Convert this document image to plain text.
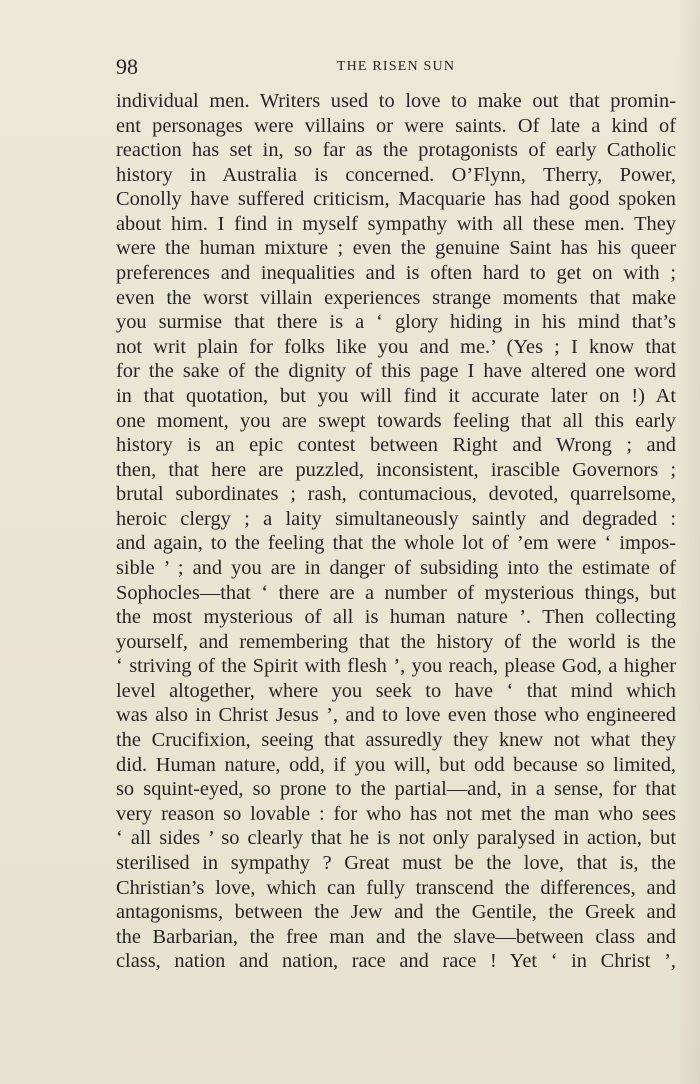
98	THE RISEN SUN
individual men. Writers used to love to make out that promin-
ent personages were villains or were saints. Of late a kind of
reaction has set in, so far as the protagonists of early Catholic
history in Australia is concerned. O’Flynn, Therry, Power,
Conolly have suffered criticism, Macquarie has had good spoken
about him. I find in myself sympathy with all these men. They
were the human mixture ; even the genuine Saint has his queer
preferences and inequalities and is often hard to get on with ;
even the worst villain experiences strange moments that make
you surmise that there is a ‘ glory hiding in his mind that’s
not writ plain for folks like you and me.’ (Yes ; I know that
for the sake of the dignity of this page I have altered one word
in that quotation, but you will find it accurate later on !) At
one moment, you are swept towards feeling that all this early
history is an epic contest between Right and Wrong ; and
then, that here are puzzled, inconsistent, irascible Governors ;
brutal subordinates ; rash, contumacious, devoted, quarrelsome,
heroic clergy ; a laity simultaneously saintly and degraded :
and again, to the feeling that the whole lot of ’em were ‘ impos-
sible ’ ; and you are in danger of subsiding into the estimate of
Sophocles—that ‘ there are a number of mysterious things, but
the most mysterious of all is human nature ’. Then collecting
yourself, and remembering that the history of the world is the
‘ striving of the Spirit with flesh ’, you reach, please God, a higher
level altogether, where you seek to have ‘ that mind which
was also in Christ Jesus ’, and to love even those who engineered
the Crucifixion, seeing that assuredly they knew not what they
did. Human nature, odd, if you will, but odd because so limited,
so squint-eyed, so prone to the partial—and, in a sense, for that
very reason so lovable : for who has not met the man who sees
‘ all sides ’ so clearly that he is not only paralysed in action, but
sterilised in sympathy ? Great must be the love, that is, the
Christian’s love, which can fully transcend the differences, and
antagonisms, between the Jew and the Gentile, the Greek and
the Barbarian, the free man and the slave—between class and
class, nation and nation, race and race ! Yet ‘ in Christ ’,
